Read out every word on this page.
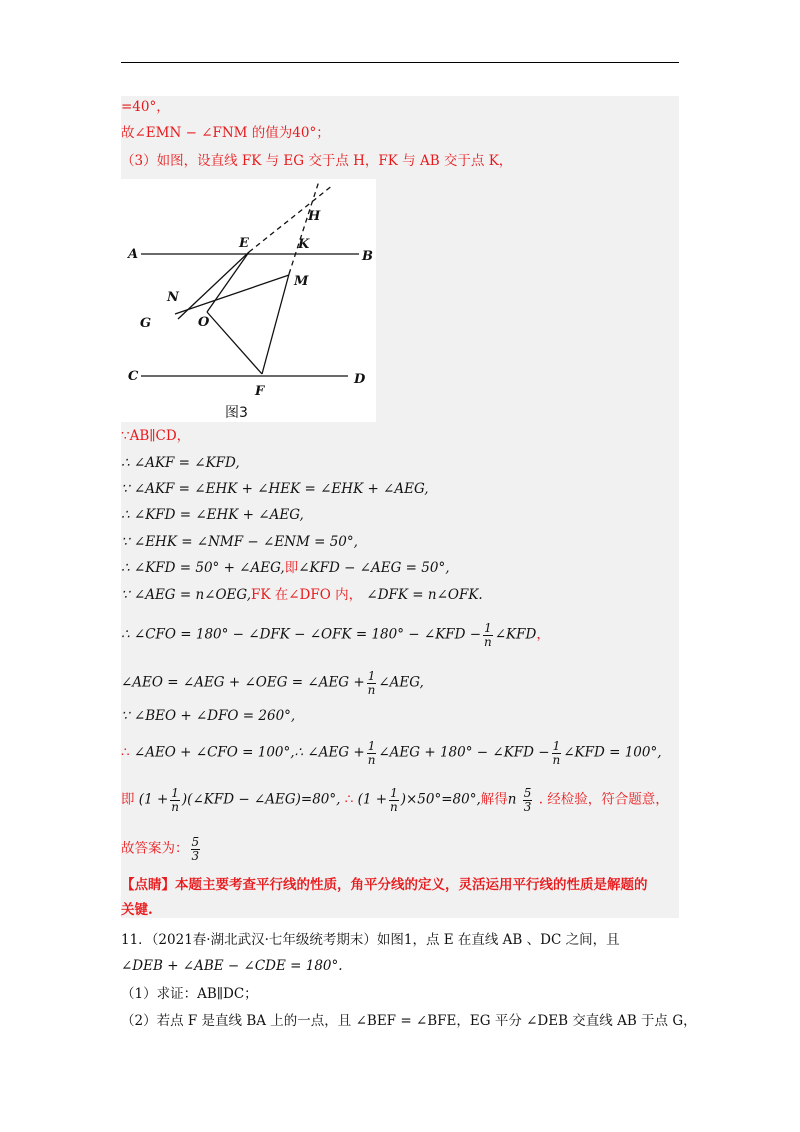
=40°，
故∠EMN − ∠FNM 的值为40°；
（3）如图，设直线 FK 与 EG 交于点 H，FK 与 AB 交于点 K，
A	B
C	D
E
F
G
H
K
M
N
O
图3
∵AB∥CD，
∴ ∠AKF = ∠KFD,
∵ ∠AKF = ∠EHK + ∠HEK = ∠EHK + ∠AEG,
∴ ∠KFD = ∠EHK + ∠AEG,
∵ ∠EHK = ∠NMF − ∠ENM = 50°,
∴ ∠KFD = 50° + ∠AEG,即∠KFD − ∠AEG = 50°,
∵ ∠AEG = n∠OEG,FK 在∠DFO 内， ∠DFK = n∠OFK.
∴ ∠CFO = 180° − ∠DFK − ∠OFK = 180° − ∠KFD − $\frac{1}{n}$ ∠KFD，
∠AEO = ∠AEG + ∠OEG = ∠AEG + $\frac{1}{n}$ ∠AEG,
∵ ∠BEO + ∠DFO = 260°,
∴ ∠AEO + ∠CFO = 100°,∴ ∠AEG + $\frac{1}{n}$ ∠AEG + 180° − ∠KFD − $\frac{1}{n}$ ∠KFD = 100°,
即 ($1 + \frac{1}{n}$ )(∠KFD − ∠AEG)=80°, ∴ $(1 + \frac{1}{n} )\times 50^\circ=80^\circ$,解得n $\frac{5}{3}$ . 经检验，符合题意，
故答案为： $\frac{5}{3}$
【点睛】本题主要考查平行线的性质，角平分线的定义，灵活运用平行线的性质是解题的
关键.
11．（2021春·湖北武汉·七年级统考期末）如图1，点 E 在直线 AB 、DC 之间，且
∠DEB + ∠ABE − ∠CDE = 180°.
（1）求证：AB∥DC；
（2）若点 F 是直线 BA 上的一点，且 ∠BEF = ∠BFE，EG 平分 ∠DEB 交直线 AB 于点 G，
